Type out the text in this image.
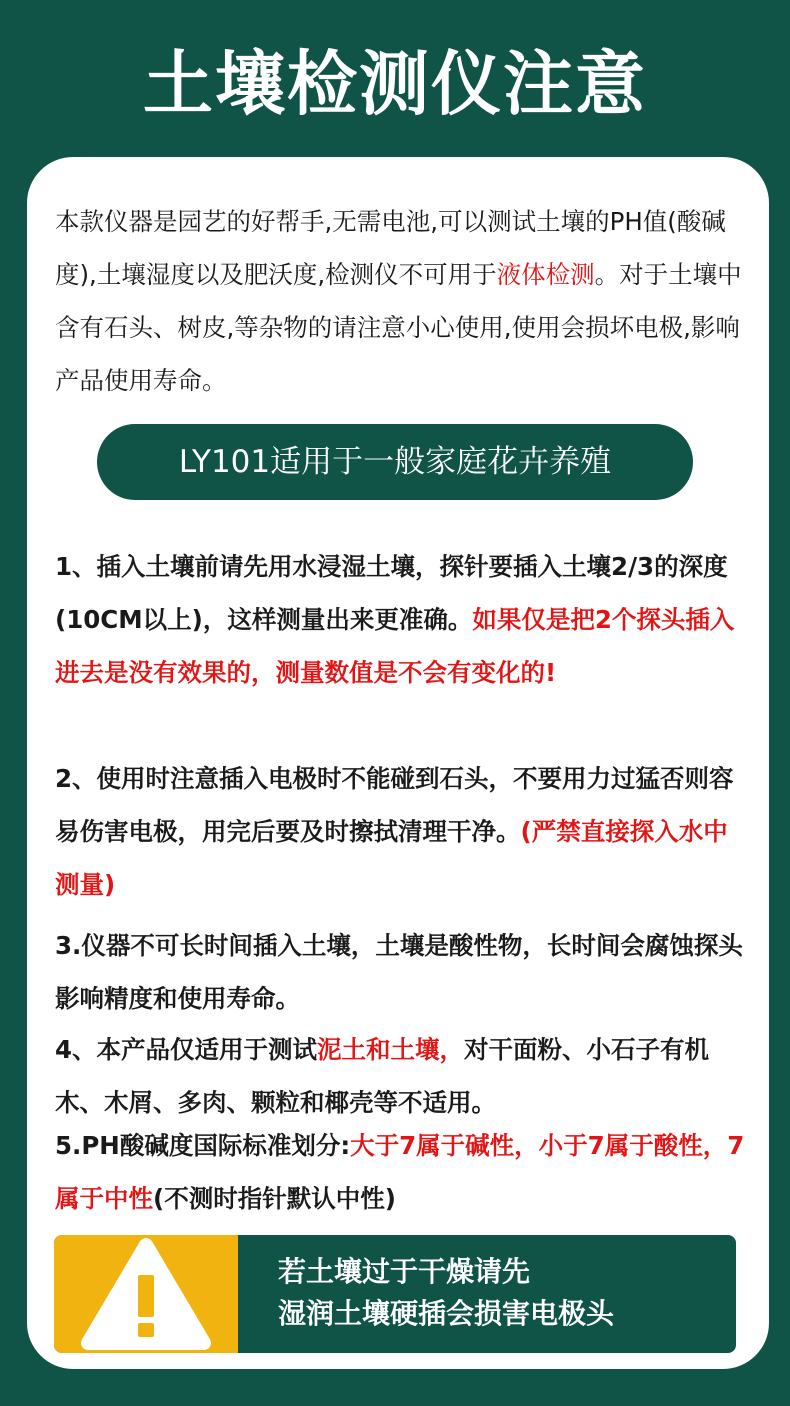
土壤检测仪注意
本款仪器是园艺的好帮手,无需电池,可以测试土壤的PH值(酸碱度),土壤湿度以及肥沃度,检测仪不可用于液体检测。对于土壤中含有石头、树皮,等杂物的请注意小心使用,使用会损坏电极,影响产品使用寿命。
LY101适用于一般家庭花卉养殖
1、插入土壤前请先用水浸湿土壤，探针要插入土壤2/3的深度(10CM以上)，这样测量出来更准确。如果仅是把2个探头插入进去是没有效果的，测量数值是不会有变化的!
2、使用时注意插入电极时不能碰到石头，不要用力过猛否则容易伤害电极，用完后要及时擦拭清理干净。(严禁直接探入水中测量)
3.仪器不可长时间插入土壤，土壤是酸性物，长时间会腐蚀探头影响精度和使用寿命。
4、本产品仅适用于测试泥土和土壤，对干面粉、小石子有机木、木屑、多肉、颗粒和椰壳等不适用。
5.PH酸碱度国际标准划分:大于7属于碱性，小于7属于酸性，7属于中性(不测时指针默认中性)
若土壤过于干燥请先
湿润土壤硬插会损害电极头
